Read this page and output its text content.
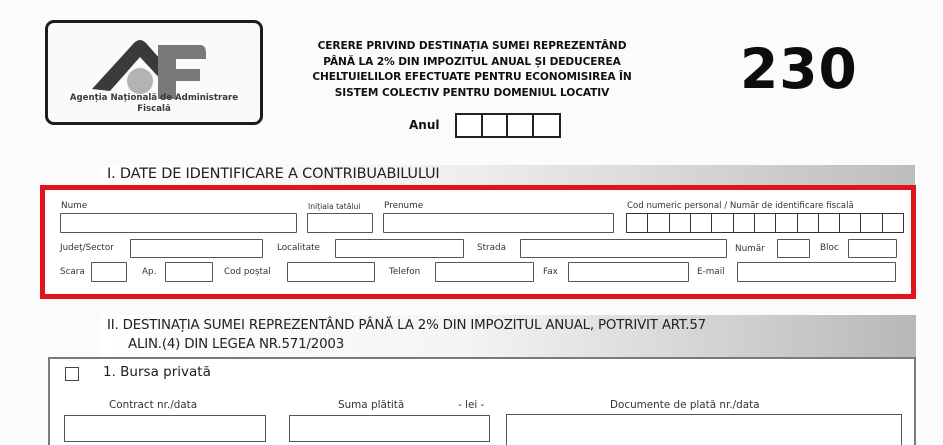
Agenția Națională de Administrare
Fiscală
CERERE PRIVIND DESTINAȚIA SUMEI REPREZENTÂND
PÂNĂ LA 2% DIN IMPOZITUL ANUAL ȘI DEDUCEREA
CHELTUIELILOR EFECTUATE PENTRU ECONOMISIREA ÎN
SISTEM COLECTIV PENTRU DOMENIUL LOCATIV
Anul
230
I. DATE DE IDENTIFICARE A CONTRIBUABILULUI
Nume	Inițiala tatălui	Prenume	Cod numeric personal / Număr de identificare fiscală
Județ/Sector	Localitate	Strada	Număr	Bloc
Scara	Ap.	Cod poștal	Telefon	Fax	E-mail
II. DESTINAȚIA SUMEI REPREZENTÂND PÂNĂ LA 2% DIN IMPOZITUL ANUAL, POTRIVIT ART.57
ALIN.(4) DIN LEGEA NR.571/2003
1. Bursa privată
Contract nr./data	Suma plătită	- lei -	Documente de plată nr./data
